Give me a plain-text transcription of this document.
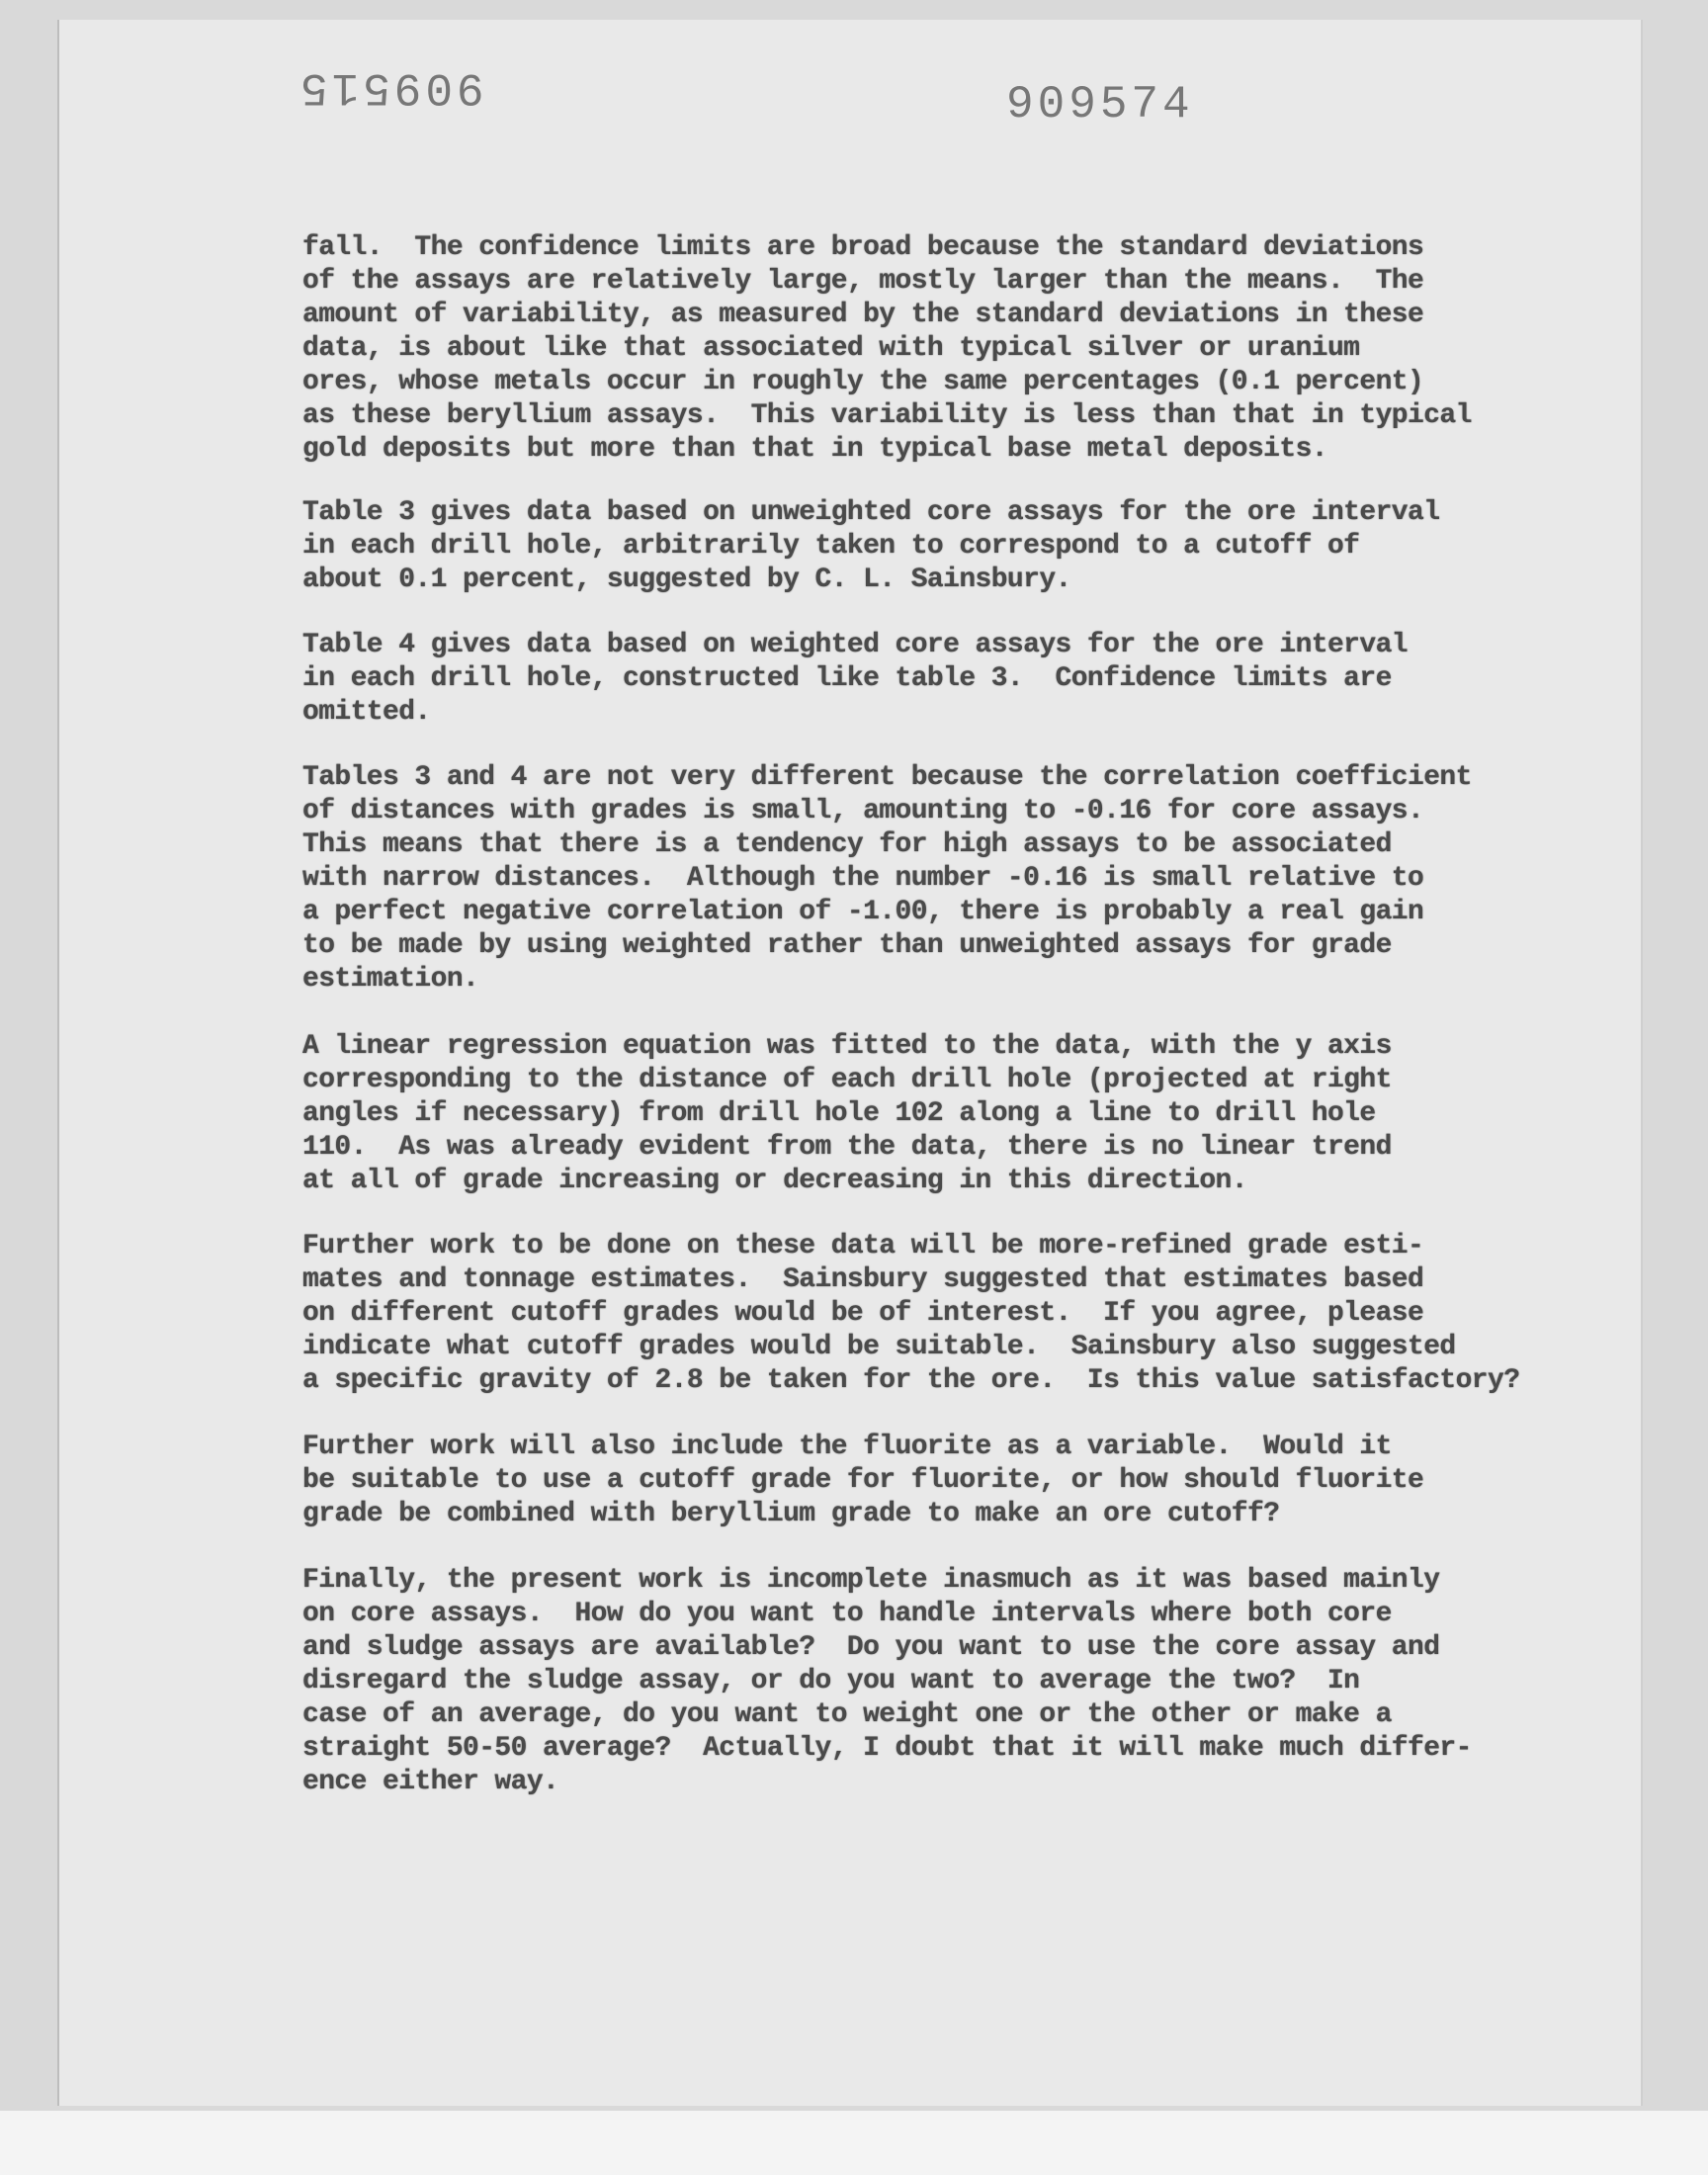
909515	909574
fall.  The confidence limits are broad because the standard deviations
of the assays are relatively large, mostly larger than the means.  The
amount of variability, as measured by the standard deviations in these
data, is about like that associated with typical silver or uranium
ores, whose metals occur in roughly the same percentages (0.1 percent)
as these beryllium assays.  This variability is less than that in typical
gold deposits but more than that in typical base metal deposits.
Table 3 gives data based on unweighted core assays for the ore interval
in each drill hole, arbitrarily taken to correspond to a cutoff of
about 0.1 percent, suggested by C. L. Sainsbury.
Table 4 gives data based on weighted core assays for the ore interval
in each drill hole, constructed like table 3.  Confidence limits are
omitted.
Tables 3 and 4 are not very different because the correlation coefficient
of distances with grades is small, amounting to -0.16 for core assays.
This means that there is a tendency for high assays to be associated
with narrow distances.  Although the number -0.16 is small relative to
a perfect negative correlation of -1.00, there is probably a real gain
to be made by using weighted rather than unweighted assays for grade
estimation.
A linear regression equation was fitted to the data, with the y axis
corresponding to the distance of each drill hole (projected at right
angles if necessary) from drill hole 102 along a line to drill hole
110.  As was already evident from the data, there is no linear trend
at all of grade increasing or decreasing in this direction.
Further work to be done on these data will be more-refined grade esti-
mates and tonnage estimates.  Sainsbury suggested that estimates based
on different cutoff grades would be of interest.  If you agree, please
indicate what cutoff grades would be suitable.  Sainsbury also suggested
a specific gravity of 2.8 be taken for the ore.  Is this value satisfactory?
Further work will also include the fluorite as a variable.  Would it
be suitable to use a cutoff grade for fluorite, or how should fluorite
grade be combined with beryllium grade to make an ore cutoff?
Finally, the present work is incomplete inasmuch as it was based mainly
on core assays.  How do you want to handle intervals where both core
and sludge assays are available?  Do you want to use the core assay and
disregard the sludge assay, or do you want to average the two?  In
case of an average, do you want to weight one or the other or make a
straight 50-50 average?  Actually, I doubt that it will make much differ-
ence either way.
